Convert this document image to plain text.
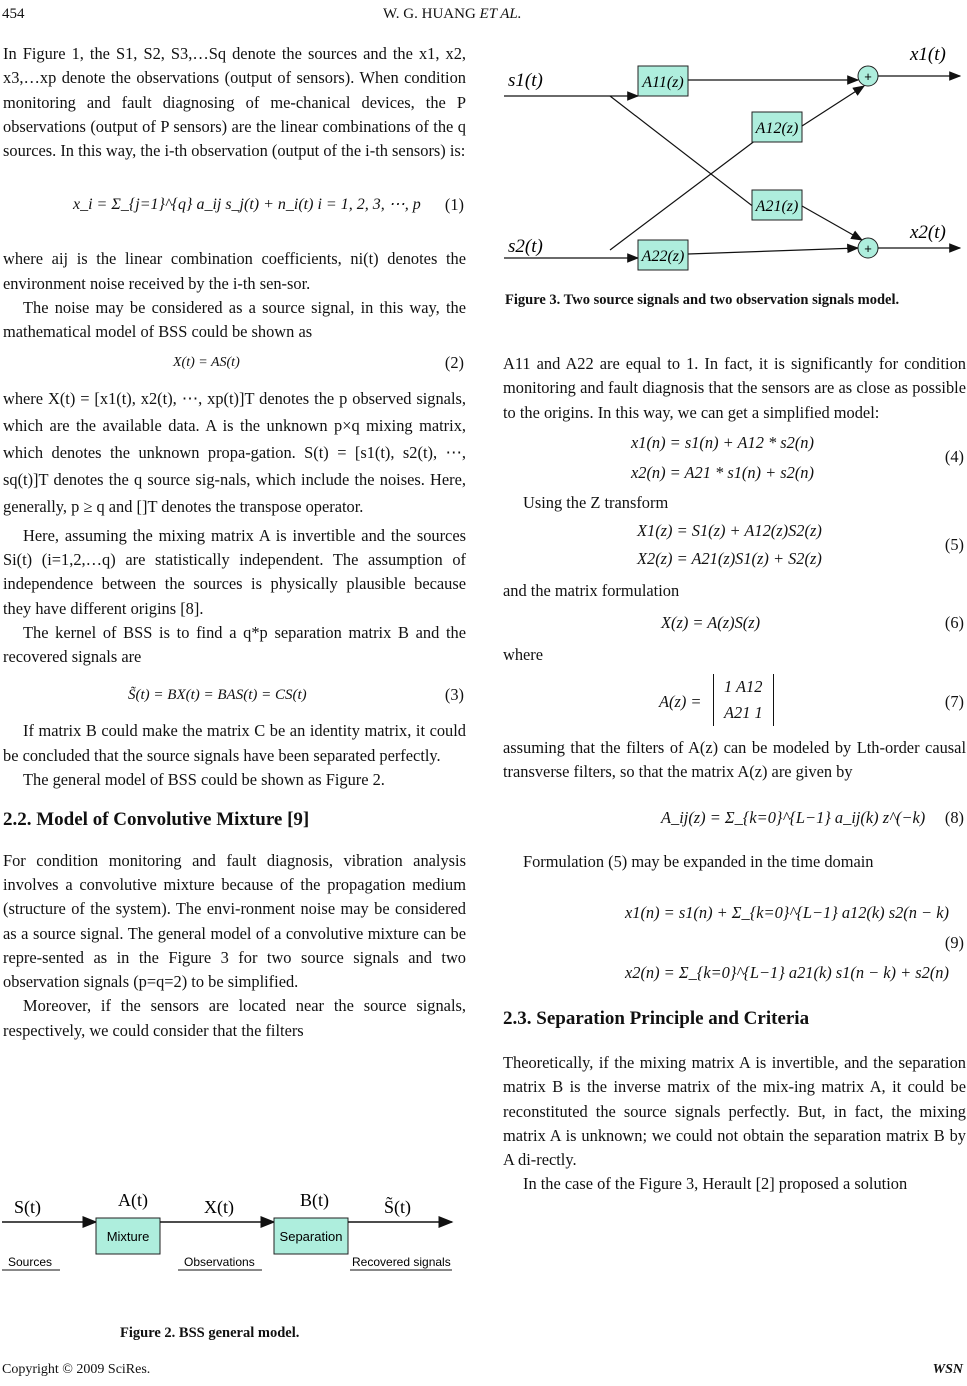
454	W. G. HUANG ET AL.

In Figure 1, the S1, S2, S3,…Sq denote the sources and the x1, x2, x3,…xp denote the observations (output of sensors). When condition monitoring and fault diagnosing of me-chanical devices, the P observations (output of P sensors) are the linear combinations of the q sources. In this way, the i-th observation (output of the i-th sensors) is:

x_i = Σ_{j=1}^{q} a_ij s_j(t) + n_i(t) i = 1, 2, 3, ⋯, p (1)

where aij is the linear combination coefficients, ni(t) denotes the environment noise received by the i-th sen-sor.

The noise may be considered as a source signal, in this way, the mathematical model of BSS could be shown as

X(t) = AS(t)	(2)

where X(t) = [x1(t), x2(t), ⋯, xp(t)]T denotes the p observed signals, which are the available data. A is the unknown p×q mixing matrix, which denotes the unknown propa-gation. S(t) = [s1(t), s2(t), ⋯, sq(t)]T denotes the q source sig-nals, which include the noises. Here, generally, p ≥ q and []T denotes the transpose operator.

Here, assuming the mixing matrix A is invertible and the sources Si(t) (i=1,2,…q) are statistically independent. The assumption of independence between the sources is physically plausible because they have different origins [8].

The kernel of BSS is to find a q*p separation matrix B and the recovered signals are

S̃(t) = BX(t) = BAS(t) = CS(t)	(3)

If matrix B could make the matrix C be an identity matrix, it could be concluded that the source signals have been separated perfectly.

The general model of BSS could be shown as Figure 2.

2.2. Model of Convolutive Mixture [9]

For condition monitoring and fault diagnosis, vibration analysis involves a convolutive mixture because of the propagation medium (structure of the system). The envi-ronment noise may be considered as a source signal. The general model of a convolutive mixture can be repre-sented as in the Figure 3 for two source signals and two observation signals (p=q=2) to be simplified.

Moreover, if the sensors are located near the source signals, respectively, we could consider that the filters

S(t)	A(t)	X(t)	B(t)	S̃(t)
Mixture	Separation
Sources	Observations	Recovered signals
Figure 2. BSS general model.
s1(t)
s2(t)
x1(t)
x2(t)
A11(z)	+
A12(z)
A21(z)
A22(z)	+
Figure 3. Two source signals and two observation signals model.

A11 and A22 are equal to 1. In fact, it is significantly for condition monitoring and fault diagnosis that the sensors are as close as possible to the origins. In this way, we can get a simplified model:

x1(n) = s1(n) + A12 * s2(n)
x2(n) = A21 * s1(n) + s2(n)
(4)

Using the Z transform

X1(z) = S1(z) + A12(z)S2(z)
X2(z) = A21(z)S1(z) + S2(z)
(5)

and the matrix formulation

X(z) = A(z)S(z)	(6)

where

A(z) =
1 A12
A21 1
(7)

assuming that the filters of A(z) can be modeled by Lth-order causal transverse filters, so that the matrix A(z) are given by

A_ij(z) = Σ_{k=0}^{L−1} a_ij(k) z^(−k) (8)

Formulation (5) may be expanded in the time domain

x1(n) = s1(n) + Σ_{k=0}^{L−1} a12(k) s2(n − k)
x2(n) = Σ_{k=0}^{L−1} a21(k) s1(n − k) + s2(n)
(9)

2.3. Separation Principle and Criteria

Theoretically, if the mixing matrix A is invertible, and the separation matrix B is the inverse matrix of the mix-ing matrix A, it could be reconstituted the source signals perfectly. But, in fact, the mixing matrix A is unknown; we could not obtain the separation matrix B by A di-rectly.

In the case of the Figure 3, Herault [2] proposed a solution

Copyright © 2009 SciRes.	WSN
